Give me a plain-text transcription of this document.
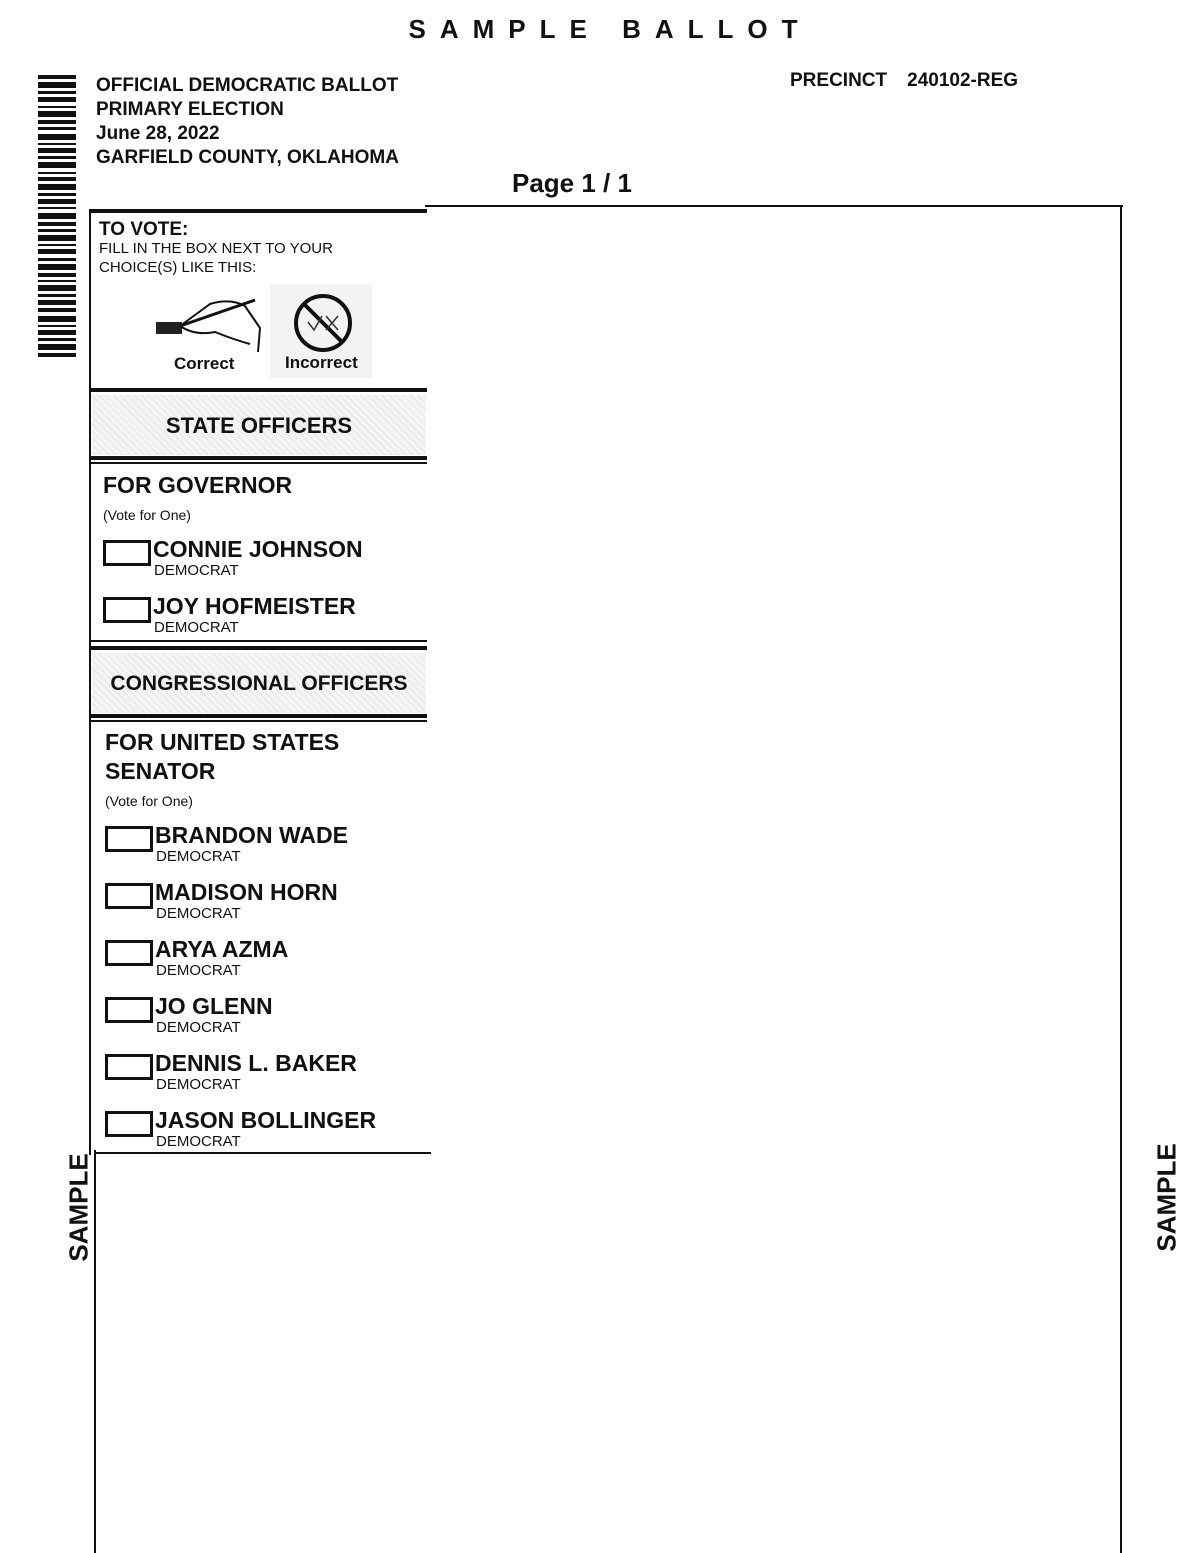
SAMPLE BALLOT
OFFICIAL DEMOCRATIC BALLOT
PRIMARY ELECTION
June 28, 2022
GARFIELD COUNTY, OKLAHOMA
PRECINCT 240102-REG
Page 1 / 1
TO VOTE:
FILL IN THE BOX NEXT TO YOUR
CHOICE(S) LIKE THIS:
Correct	Incorrect
STATE OFFICERS
FOR GOVERNOR
(Vote for One)
CONNIE JOHNSON
DEMOCRAT
JOY HOFMEISTER
DEMOCRAT
CONGRESSIONAL OFFICERS
FOR UNITED STATES
SENATOR
(Vote for One)
BRANDON WADE
DEMOCRAT
MADISON HORN
DEMOCRAT
ARYA AZMA
DEMOCRAT
JO GLENN
DEMOCRAT
DENNIS L. BAKER
DEMOCRAT
JASON BOLLINGER
DEMOCRAT
SAMPLE	SAMPLE
